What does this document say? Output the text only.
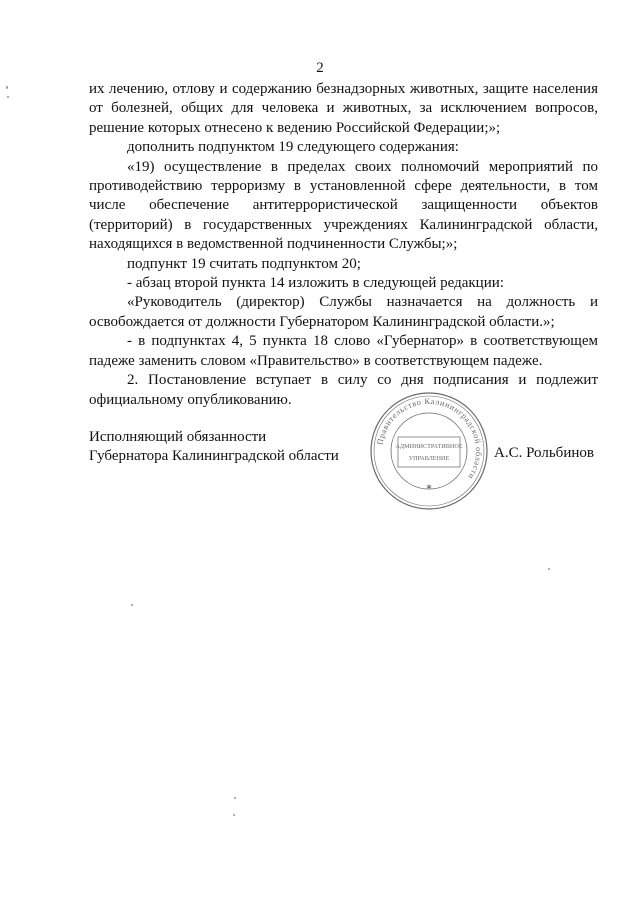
2

их лечению, отлову и содержанию безнадзорных животных, защите населения от болезней, общих для человека и животных, за исключением вопросов, решение которых отнесено к ведению Российской Федерации;»;

дополнить подпунктом 19 следующего содержания:

«19) осуществление в пределах своих полномочий мероприятий по противодействию терроризму в установленной сфере деятельности, в том числе обеспечение антитеррористической защищенности объектов (территорий) в государственных учреждениях Калининградской области, находящихся в ведомственной подчиненности Службы;»;

подпункт 19 считать подпунктом 20;

- абзац второй пункта 14 изложить в следующей редакции:

«Руководитель (директор) Службы назначается на должность и освобождается от должности Губернатором Калининградской области.»;

- в подпунктах 4, 5 пункта 18 слово «Губернатор» в соответствующем падеже заменить словом «Правительство» в соответствующем падеже.

2. Постановление вступает в силу со дня подписания и подлежит официальному опубликованию.

Исполняющий обязанности
Губернатора Калининградской области
Правительство Калининградской области
АДМИНИСТРАТИВНОЕ
УПРАВЛЕНИЕ
✶
А.С. Рольбинов
